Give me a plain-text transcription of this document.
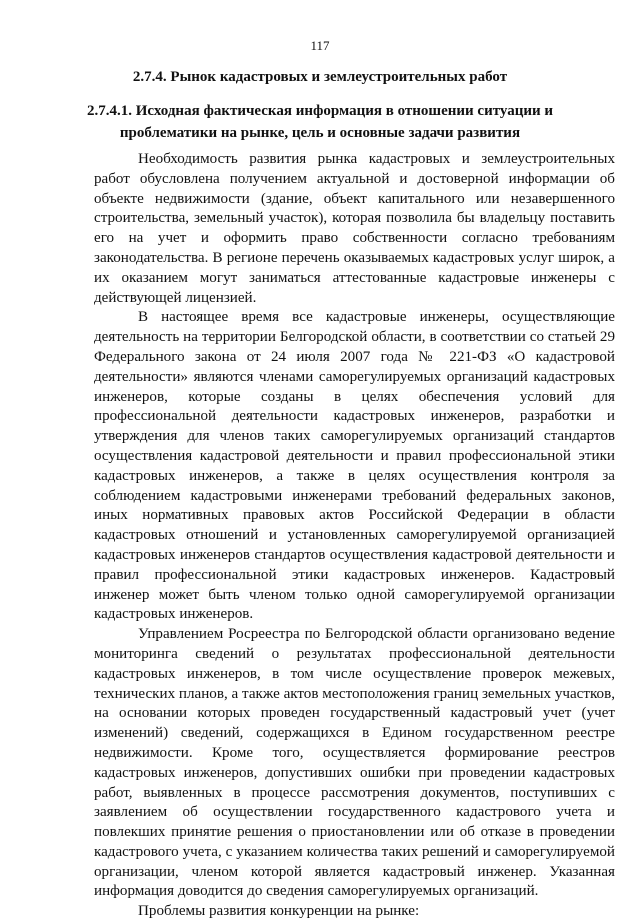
117
2.7.4. Рынок кадастровых и землеустроительных работ
2.7.4.1. Исходная фактическая информация в отношении ситуации и проблематики на рынке, цель и основные задачи развития

Необходимость развития рынка кадастровых и землеустроительных работ обусловлена получением актуальной и достоверной информации об объекте недвижимости (здание, объект капитального или незавершенного строительства, земельный участок), которая позволила бы владельцу поставить его на учет и оформить право собственности согласно требованиям законодательства. В регионе перечень оказываемых кадастровых услуг широк, а их оказанием могут заниматься аттестованные кадастровые инженеры с действующей лицензией.

В настоящее время все кадастровые инженеры, осуществляющие деятельность на территории Белгородской области, в соответствии со статьей 29 Федерального закона от 24 июля 2007 года № 221-ФЗ «О кадастровой деятельности» являются членами саморегулируемых организаций кадастровых инженеров, которые созданы в целях обеспечения условий для профессиональной деятельности кадастровых инженеров, разработки и утверждения для членов таких саморегулируемых организаций стандартов осуществления кадастровой деятельности и правил профессиональной этики кадастровых инженеров, а также в целях осуществления контроля за соблюдением кадастровыми инженерами требований федеральных законов, иных нормативных правовых актов Российской Федерации в области кадастровых отношений и установленных саморегулируемой организацией кадастровых инженеров стандартов осуществления кадастровой деятельности и правил профессиональной этики кадастровых инженеров. Кадастровый инженер может быть членом только одной саморегулируемой организации кадастровых инженеров.

Управлением Росреестра по Белгородской области организовано ведение мониторинга сведений о результатах профессиональной деятельности кадастровых инженеров, в том числе осуществление проверок межевых, технических планов, а также актов местоположения границ земельных участков, на основании которых проведен государственный кадастровый учет (учет изменений) сведений, содержащихся в Едином государственном реестре недвижимости. Кроме того, осуществляется формирование реестров кадастровых инженеров, допустивших ошибки при проведении кадастровых работ, выявленных в процессе рассмотрения документов, поступивших с заявлением об осуществлении государственного кадастрового учета и повлекших принятие решения о приостановлении или об отказе в проведении кадастрового учета, с указанием количества таких решений и саморегулируемой организации, членом которой является кадастровый инженер. Указанная информация доводится до сведения саморегулируемых организаций.

Проблемы развития конкуренции на рынке:
